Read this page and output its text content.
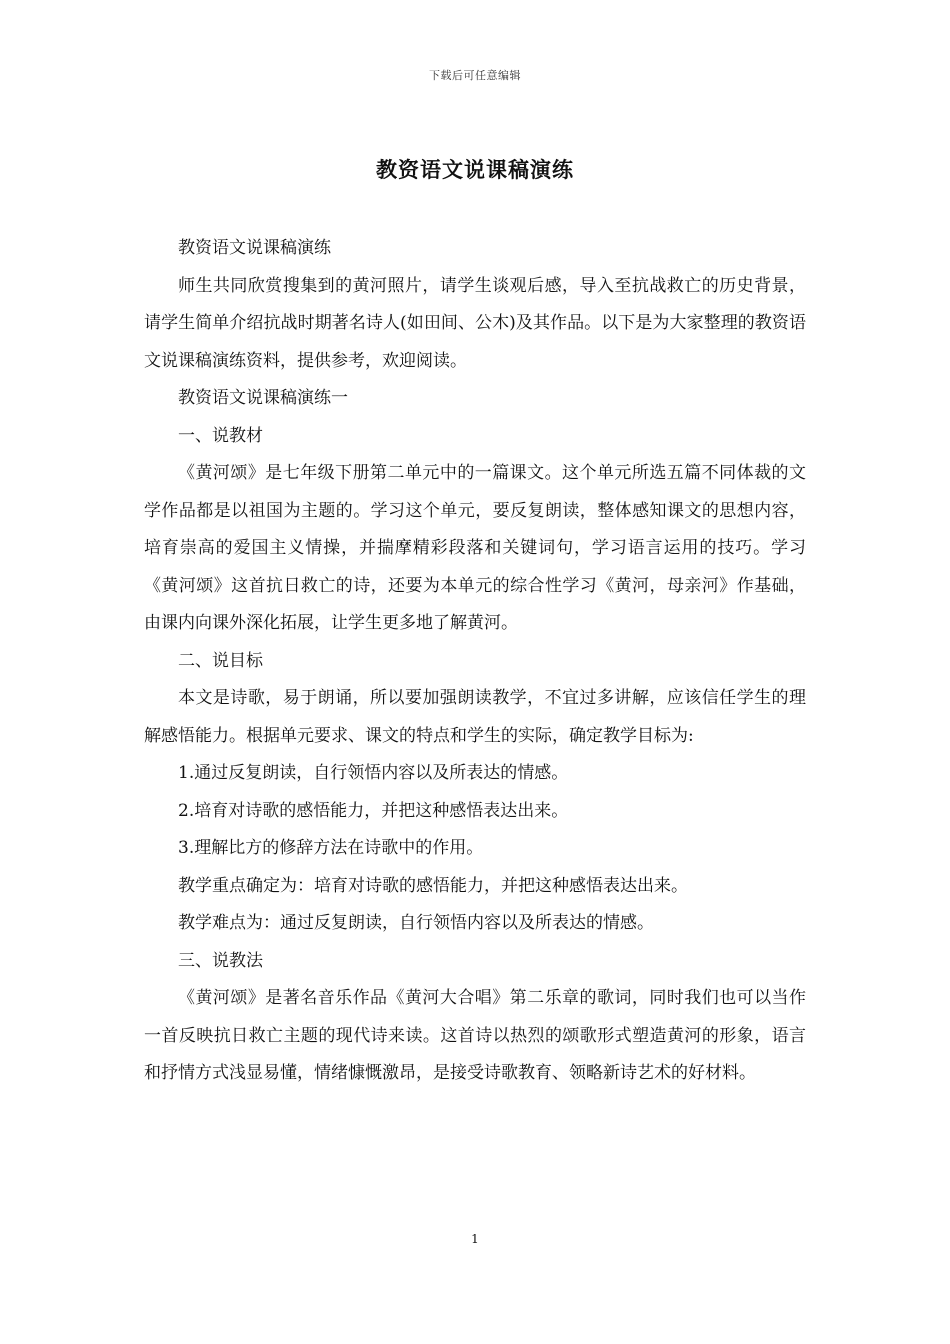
下载后可任意编辑
教资语文说课稿演练

教资语文说课稿演练

师生共同欣赏搜集到的黄河照片，请学生谈观后感，导入至抗战救亡的历史背景，请学生简单介绍抗战时期著名诗人(如田间、公木)及其作品。以下是为大家整理的教资语文说课稿演练资料，提供参考，欢迎阅读。

教资语文说课稿演练一

一、说教材

《黄河颂》是七年级下册第二单元中的一篇课文。这个单元所选五篇不同体裁的文学作品都是以祖国为主题的。学习这个单元，要反复朗读，整体感知课文的思想内容，培育崇高的爱国主义情操，并揣摩精彩段落和关键词句，学习语言运用的技巧。学习《黄河颂》这首抗日救亡的诗，还要为本单元的综合性学习《黄河，母亲河》作基础，由课内向课外深化拓展，让学生更多地了解黄河。

二、说目标

本文是诗歌，易于朗诵，所以要加强朗读教学，不宜过多讲解，应该信任学生的理解感悟能力。根据单元要求、课文的特点和学生的实际，确定教学目标为:

1.通过反复朗读，自行领悟内容以及所表达的情感。

2.培育对诗歌的感悟能力，并把这种感悟表达出来。

3.理解比方的修辞方法在诗歌中的作用。

教学重点确定为：培育对诗歌的感悟能力，并把这种感悟表达出来。

教学难点为：通过反复朗读，自行领悟内容以及所表达的情感。

三、说教法

《黄河颂》是著名音乐作品《黄河大合唱》第二乐章的歌词，同时我们也可以当作一首反映抗日救亡主题的现代诗来读。这首诗以热烈的颂歌形式塑造黄河的形象，语言和抒情方式浅显易懂，情绪慷慨激昂，是接受诗歌教育、领略新诗艺术的好材料。

1
